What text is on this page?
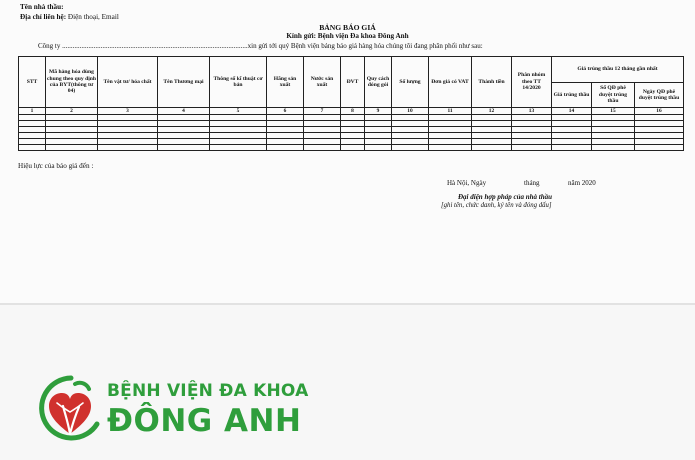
Tên nhà thầu:
Địa chỉ liên hệ: Điện thoại, Email
BẢNG BÁO GIÁ
Kính gửi: Bệnh viện Đa khoa Đông Anh
Công ty ..........................................................................................................xin gửi tới quý Bệnh viện bảng báo giá hàng hóa chúng tôi đang phân phối như sau:
STT	Mã hàng hóa dùng chung theo quy định của BYT(thông tư 04)	Tên vật tư/ hóa chất	Tên Thương mại	Thông số kĩ thuật cơ bản	Hãng sản xuất	Nước sản xuất	ĐVT	Quy cách đóng gói	Số lượng	Đơn giá có VAT	Thành tiền	Phân nhóm theo TT 14/2020	Giá trúng thầu 12 tháng gần nhất		
													Giá trúng thầu	Số QĐ phê duyệt trúng thầu	Ngày QĐ phê duyệt trúng thầu
1	2	3	4	5	6	7	8	9	10	11	12	13	14	15	16

Hiệu lực của báo giá đến :
Hà Nội, Ngày	tháng	năm 2020
Đại diện hợp pháp của nhà thầu
[ghi tên, chức danh, ký tên và đóng dấu]
BỆNH VIỆN ĐA KHOA
ĐÔNG ANH
